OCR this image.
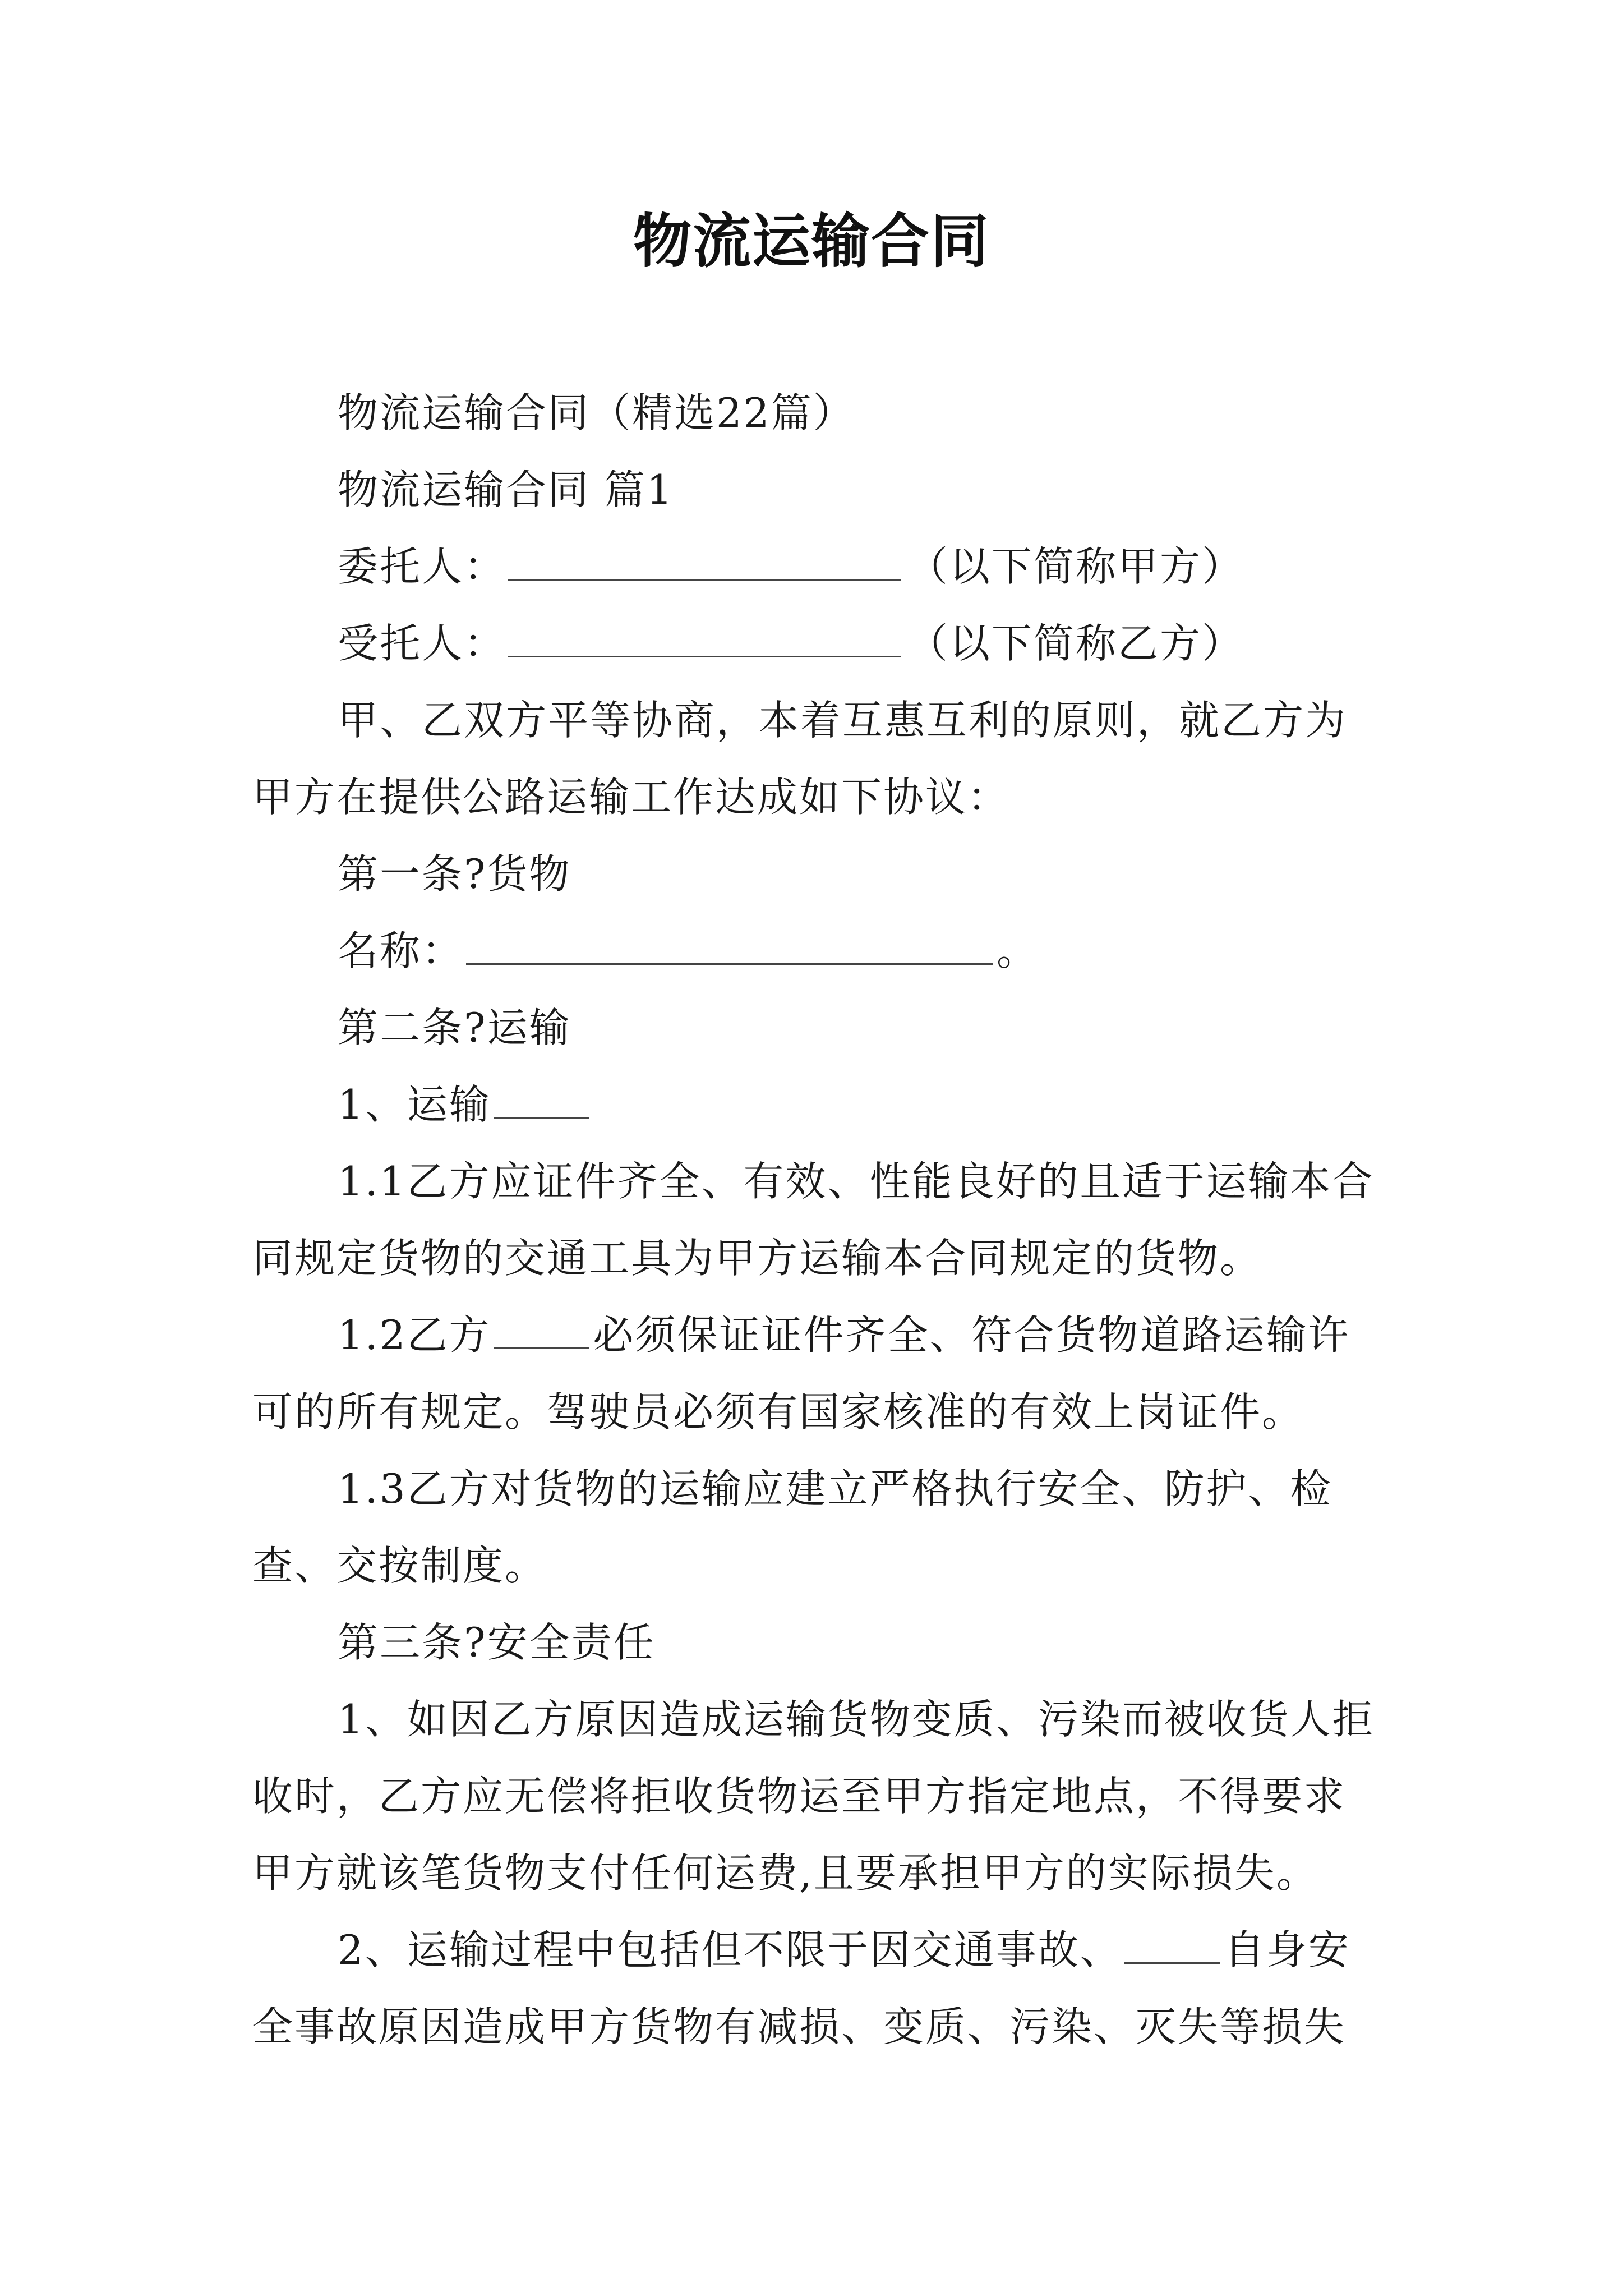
物流运输合同

物流运输合同（精选22篇）

物流运输合同 篇1

委托人：	（以下简称甲方）

受托人：	（以下简称乙方）

甲、乙双方平等协商，本着互惠互利的原则，就乙方为甲方在提供公路运输工作达成如下协议：

第一条?货物

名称：	。

第二条?运输

1、运输

1.1乙方应证件齐全、有效、性能良好的且适于运输本合同规定货物的交通工具为甲方运输本合同规定的货物。

1.2乙方	必须保证证件齐全、符合货物道路运输许可的所有规定。驾驶员必须有国家核准的有效上岗证件。

1.3乙方对货物的运输应建立严格执行安全、防护、检查、交按制度。

第三条?安全责任

1、如因乙方原因造成运输货物变质、污染而被收货人拒收时，乙方应无偿将拒收货物运至甲方指定地点，不得要求甲方就该笔货物支付任何运费,且要承担甲方的实际损失。

2、运输过程中包括但不限于因交通事故、	自身安全事故原因造成甲方货物有减损、变质、污染、灭失等损失
